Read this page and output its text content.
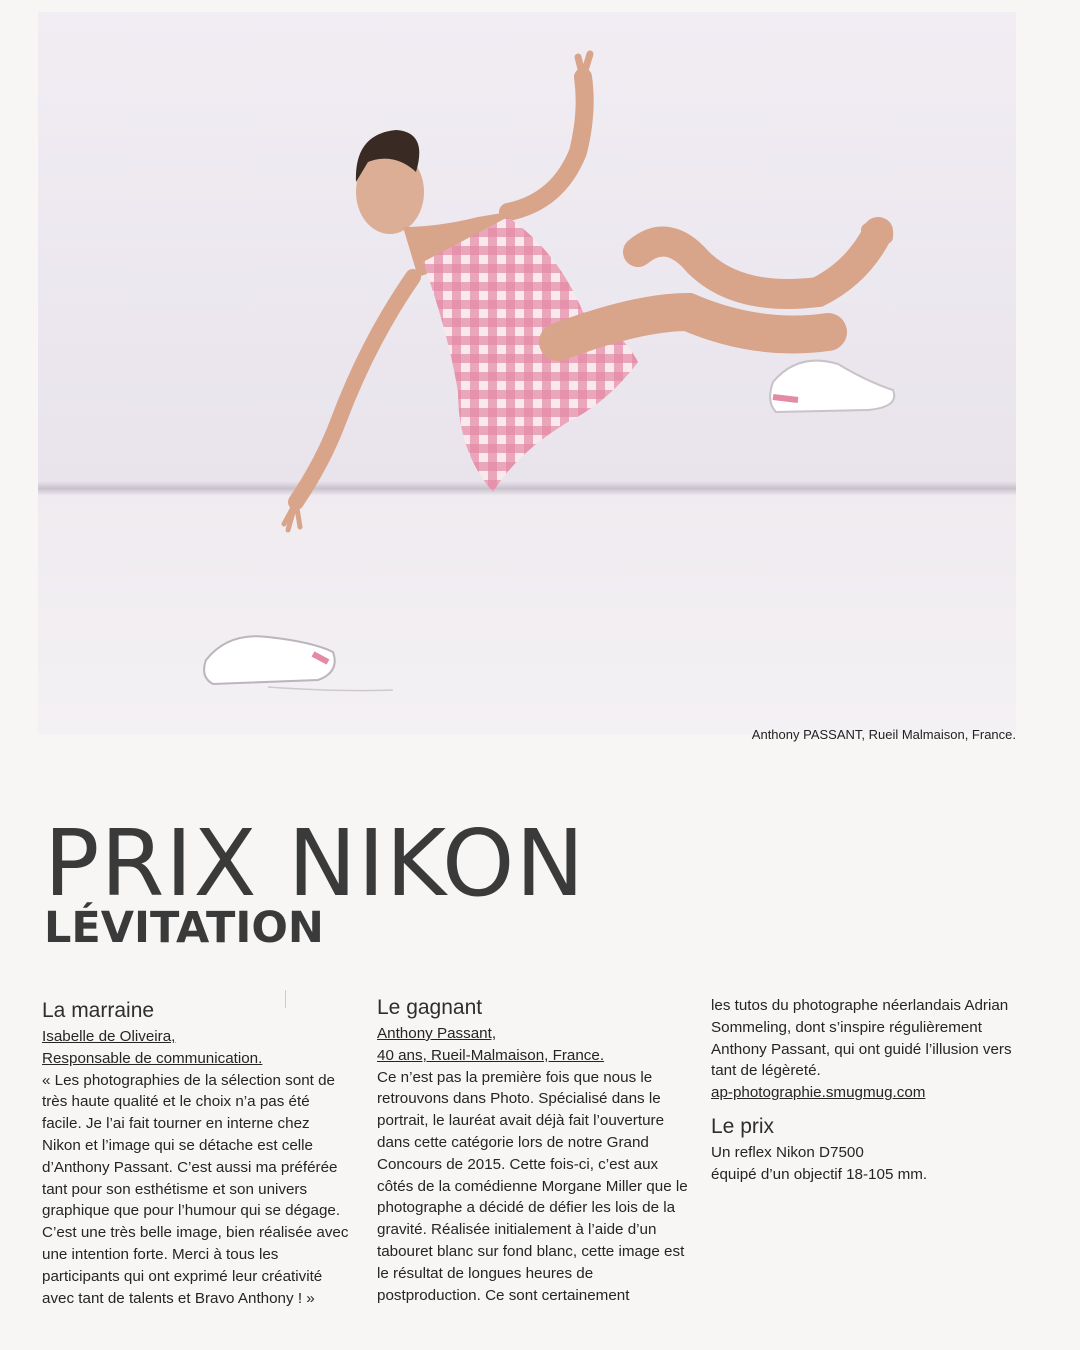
Anthony PASSANT, Rueil Malmaison, France.
PRIX NIKON
LÉVITATION
La marraine
Isabelle de Oliveira,
Responsable de communication.

« Les photographies de la sélection sont de très haute qualité et le choix n’a pas été facile. Je l’ai fait tourner en interne chez Nikon et l’image qui se détache est celle d’Anthony Passant. C’est aussi ma préférée tant pour son esthétisme et son univers graphique que pour l’humour qui se dégage. C’est une très belle image, bien réalisée avec une intention forte. Merci à tous les participants qui ont exprimé leur créativité avec tant de talents et Bravo Anthony ! »

Le gagnant
Anthony Passant,
40 ans, Rueil-Malmaison, France.

Ce n’est pas la première fois que nous le retrouvons dans Photo. Spécialisé dans le portrait, le lauréat avait déjà fait l’ouverture dans cette catégorie lors de notre Grand Concours de 2015. Cette fois-ci, c’est aux côtés de la comédienne Morgane Miller que le photographe a décidé de défier les lois de la gravité. Réalisée initialement à l’aide d’un tabouret blanc sur fond blanc, cette image est le résultat de longues heures de postproduction. Ce sont certainement

les tutos du photographe néerlandais Adrian Sommeling, dont s’inspire régulièrement Anthony Passant, qui ont guidé l’illusion vers tant de légèreté.

ap-photographie.smugmug.com
Le prix

Un reflex Nikon D7500

équipé d’un objectif 18-105 mm.
